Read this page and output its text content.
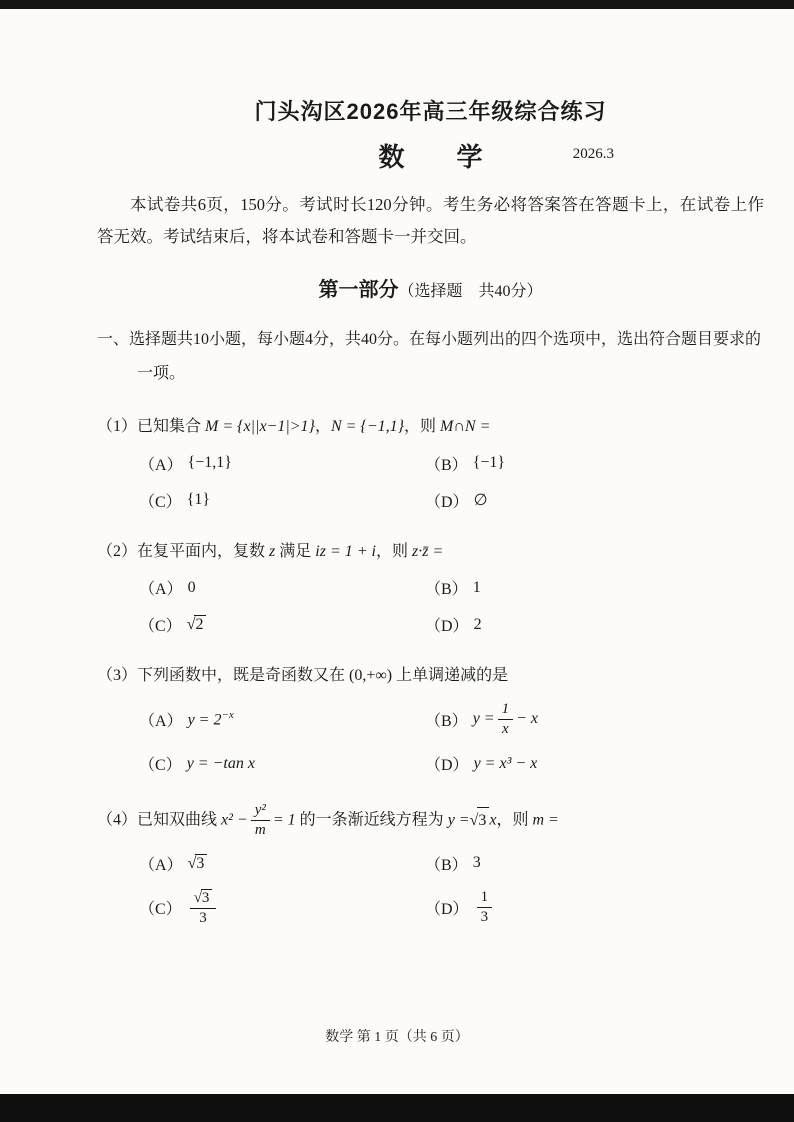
门头沟区2026年高三年级综合练习
数　　学	2026.3

本试卷共6页，150分。考试时长120分钟。考生务必将答案答在答题卡上，在试卷上作答无效。考试结束后，将本试卷和答题卡一并交回。

第一部分（选择题　共40分）
一、选择题共10小题，每小题4分，共40分。在每小题列出的四个选项中，选出符合题目要求的
一项。
（1）已知集合 M = {x||x−1|>1}，N = {−1,1}，则 M∩N =
（A） {−1,1}	（B） {−1}
（C） {1}	（D） ∅
（2）在复平面内，复数 z 满足 iz = 1 + i，则 z·z̄ =
（A） 0	（B） 1
（C） √ 2	（D） 2
（3）下列函数中，既是奇函数又在 (0,+∞) 上单调递减的是
（A） $y = 2^{-x}$	（B） $y = \frac{1}{x} - x$
（C） y = −tan x	（D） y = x³ − x
（4）已知双曲线 $x^2 - \frac{\text{y²}}{m} = 1$ 的一条渐近线方程为 y = √ 3 x，则 m =
（A） √ 3	（B） 3
$(C) \frac{√ 3}{3}$	$(D) \frac{1}{3}$
数学 第 1 页（共 6 页）
